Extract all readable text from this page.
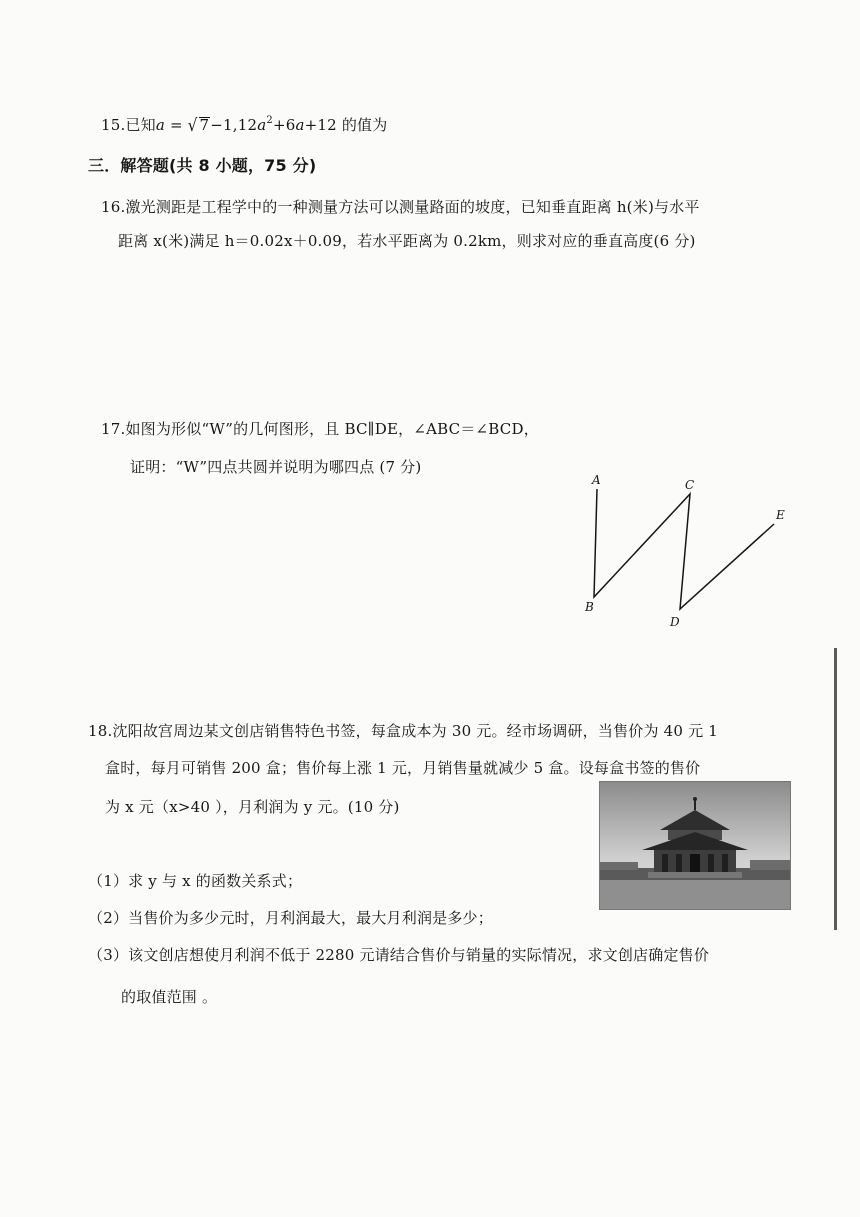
15.已知a = √ $7-1,12a^2+6a+12$ 的值为
三．解答题(共 8 小题，75 分)
16.激光测距是工程学中的一种测量方法可以测量路面的坡度，已知垂直距离 h(米)与水平
距离 x(米)满足 h＝0.02x＋0.09，若水平距离为 0.2km，则求对应的垂直高度(6 分)
17.如图为形似“W”的几何图形，且 BC∥DE，∠ABC＝∠BCD，
证明：“W”四点共圆并说明为哪四点 (7 分)
A
B
C
D
E
18.沈阳故宫周边某文创店销售特色书签，每盒成本为 30 元。经市场调研，当售价为 40 元 1
盒时，每月可销售 200 盒；售价每上涨 1 元，月销售量就减少 5 盒。设每盒书签的售价
为 x 元（x>40 ），月利润为 y 元。(10 分)
（1）求 y 与 x 的函数关系式；
（2）当售价为多少元时，月利润最大，最大月利润是多少；
（3）该文创店想使月利润不低于 2280 元请结合售价与销量的实际情况，求文创店确定售价
的取值范围 。
